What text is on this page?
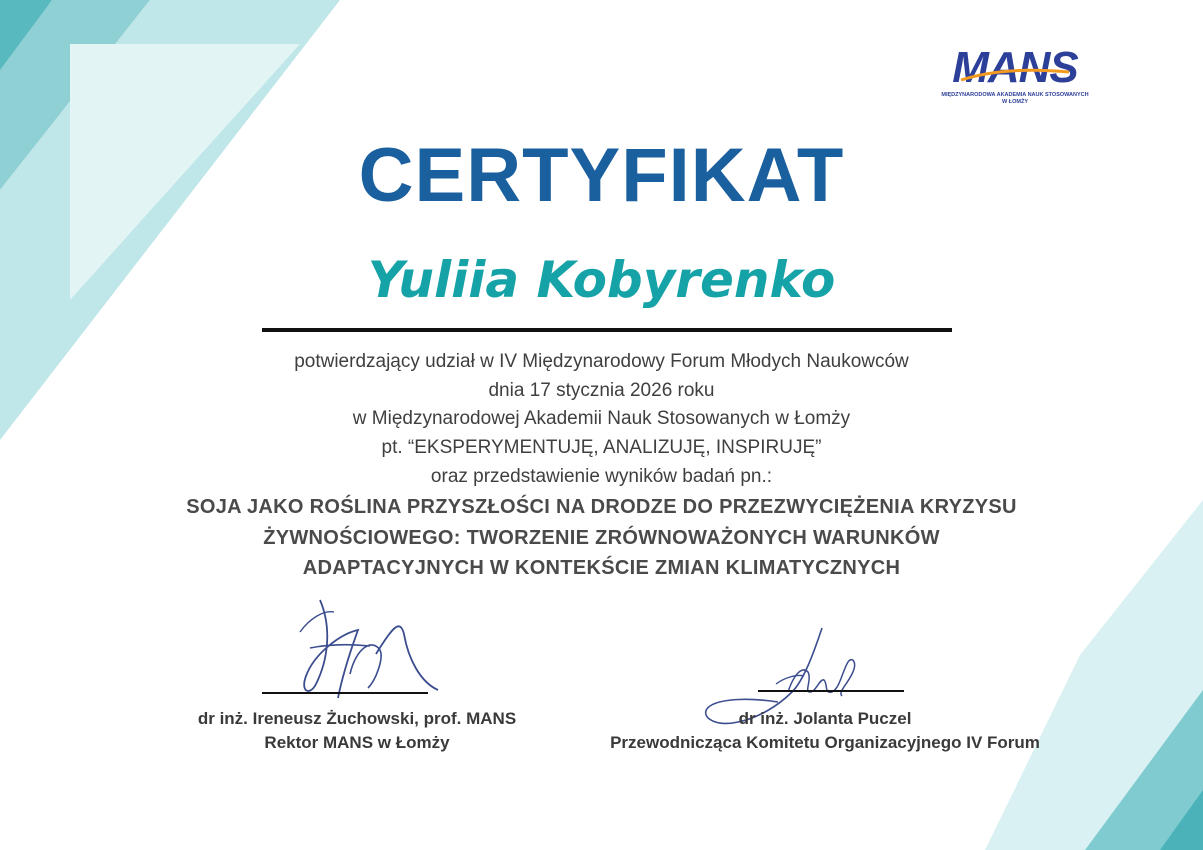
MANS
MIĘDZYNARODOWA AKADEMIA NAUK STOSOWANYCH
W ŁOMŻY
CERTYFIKAT
Yuliia Kobyrenko
potwierdzający udział w IV Międzynarodowy Forum Młodych Naukowców
dnia 17 stycznia 2026 roku
w Międzynarodowej Akademii Nauk Stosowanych w Łomży
pt. “EKSPERYMENTUJĘ, ANALIZUJĘ, INSPIRUJĘ”
oraz przedstawienie wyników badań pn.:
SOJA JAKO ROŚLINA PRZYSZŁOŚCI NA DRODZE DO PRZEZWYCIĘŻENIA KRYZYSU
ŻYWNOŚCIOWEGO: TWORZENIE ZRÓWNOWAŻONYCH WARUNKÓW
ADAPTACYJNYCH W KONTEKŚCIE ZMIAN KLIMATYCZNYCH
dr inż. Ireneusz Żuchowski, prof. MANS
Rektor MANS w Łomży
dr inż. Jolanta Puczel
Przewodnicząca Komitetu Organizacyjnego IV Forum
